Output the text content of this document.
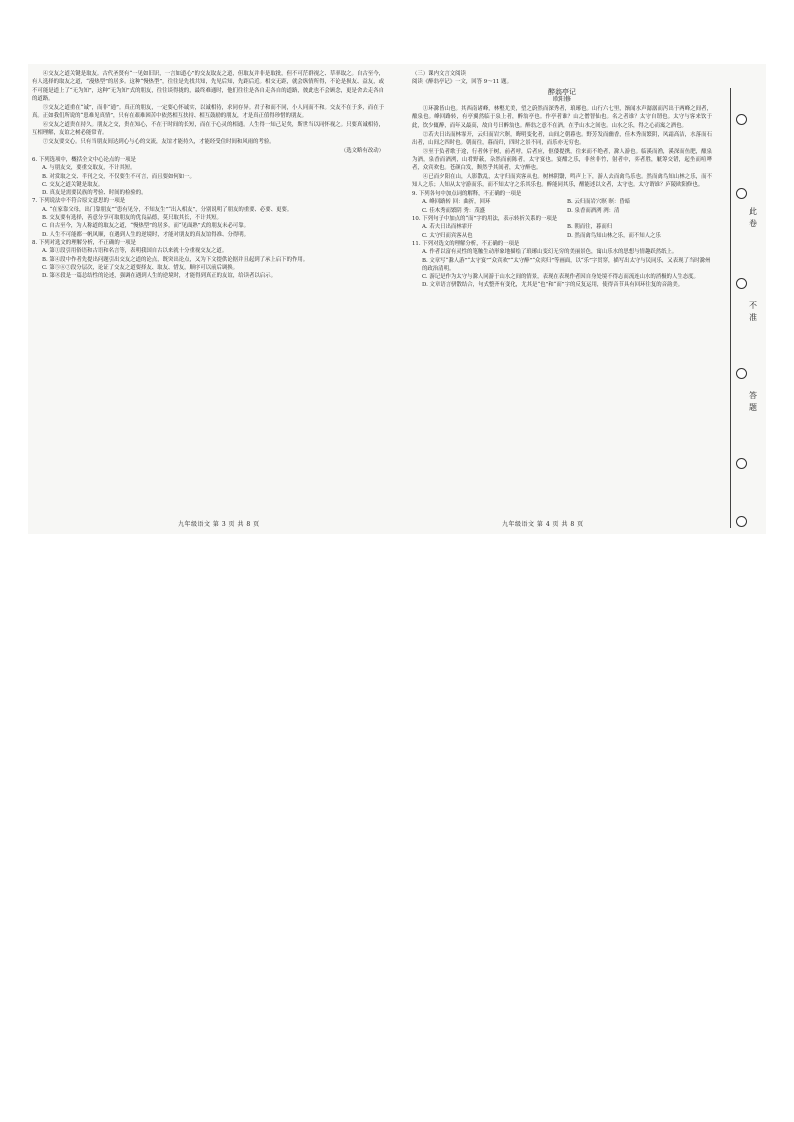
④交友之道关键是取友。古代圣贤有“一见如旧识，一言如道心”的交友取友之道，但取友并非是取批，但不可茫群视之、草率取之。自古至今，有人选择的取友之道，“漫热型”的居多。这种“慢热型”，往往是先找共知，先见后知，先距后近。相交无距，就会纵情所得，不论是损友、益友，或不可能是道上了“无为知”，这种“无为知”式的朋友，往往谈得拢的，最终难通时，他们往往是各自走各自的道路，彼此也不会顾念，更是舍去走各自的道路。

⑤交友之道重在“诚”，而非“通”。真正的朋友，一定要心怀诚实，以诚相待，求同存异。君子和而不同，小人同而不和。交友不在于多，而在于真。正如我们所说的“患难见真情”，只有在艰难困苦中依然相互扶持、相互鼓励的朋友，才是真正值得珍惜的朋友。

⑥交友之道贵在持久。朋友之交，贵在知心，不在于时间的长短，而在于心灵的相通。人生得一知己足矣，斯世当以同怀视之。只要真诚相待，互相理解，友谊之树必能常青。

⑦交友要交心。只有当朋友间达到心与心的交流，友谊才能持久，才能经受住时间和风雨的考验。

（选文略有改动）

6. 下列选项中，概括全文中心论点的一项是

A. 与朋友交，要重交取友，不计其短。

B. 对赏取之交、半刊之交，不仅要生不可言，而且要如何如一。

C. 交友之道关键是取友。

D. 真友是需要民族的考验、时间的检验的。

7. 下列说法中不符合原文意思的一项是

A. “在家靠父母，出门靠朋友”“患有见分，不知友生”“出入相友”，分别说明了朋友的重要、必要、更要。

B. 交友要有选择，善意分享可取朋友的优良品德，莫只取其长，不计其短。

C. 自古至今，为人称道的取友之道，“慢热型”的居多，而“见面熟”式的朋友未必可靠。

D. 人生不可能都一帆风顺，在遇到人生的逆境时，才能对朋友的真友谊得准、分得明。

8. 下列对选文的理解分析，不正确的一项是

A. 第①段引用俗语和古语和名言等，表明我国自古以来就十分重视交友之道。

B. 第④段中作者先提出问题引出交友之道的论点，既突出论点，又为下文提供论据并且起到了承上启下的作用。

C. 第⑤⑥⑦段分层次，论证了交友之道要择友、取友、惜友，顺序可以前后调换。

D. 第⑧段是一篇总结性的论述，强调在遇到人生的逆境时，才能得到真正的友谊，给读者以启示。

九年级语文 第 3 页 共 8 页

（三）课内文言文阅读

阅读《醉翁亭记》一文，回答 9～11 题。

醉翁亭记

欧阳修

①环滁皆山也。其西南诸峰，林壑尤美，望之蔚然而深秀者，琅琊也。山行六七里，渐闻水声潺潺而泻出于两峰之间者，酿泉也。峰回路转，有亭翼然临于泉上者，醉翁亭也。作亭者谁？山之僧智仙也。名之者谁？太守自谓也。太守与客来饮于此，饮少辄醉，而年又最高，故自号曰醉翁也。醉翁之意不在酒，在乎山水之间也。山水之乐，得之心而寓之酒也。

②若夫日出而林霏开，云归而岩穴暝，晦明变化者，山间之朝暮也。野芳发而幽香，佳木秀而繁阴，风霜高洁，水落而石出者，山间之四时也。朝而往，暮而归，四时之景不同，而乐亦无穷也。

③至于负者歌于途，行者休于树，前者呼，后者应，伛偻提携，往来而不绝者，滁人游也。临溪而渔，溪深而鱼肥，酿泉为酒，泉香而酒洌，山肴野蔌，杂然而前陈者，太守宴也。宴酣之乐，非丝非竹，射者中，弈者胜，觥筹交错，起坐而喧哗者，众宾欢也。苍颜白发，颓然乎其间者，太守醉也。

④已而夕阳在山，人影散乱，太守归而宾客从也。树林阴翳，鸣声上下，游人去而禽鸟乐也。然而禽鸟知山林之乐，而不知人之乐；人知从太守游而乐，而不知太守之乐其乐也。醉能同其乐，醒能述以文者，太守也。太守谓谁？庐陵欧阳修也。

9. 下列各句中加点词的解释，不正确的一项是

A. 峰回路转 回：曲折，回环	B. 云归而岩穴暝 暝：昏暗
C. 佳木秀而繁阴 秀：茂盛	D. 泉香而酒洌 洌：清

10. 下列句子中加点的“而”字的用法，表示转折关系的一项是

A. 若夫日出而林霏开	B. 朝而往，暮而归
C. 太守归而宾客从也	D. 然而禽鸟知山林之乐，而不知人之乐

11. 下列对选文的理解分析，不正确的一项是

A. 作者以富有灵性的笔触生动形象地描绘了琅琊山变幻无穷的美丽景色，寓山乐水的思想与情趣跃然纸上。

B. 文章写“滁人游”“太守宴”“众宾欢”“太守醉”“众宾归”等画面，以“乐”字贯穿，描写出太守与民同乐，又表现了当时滁州的政治清明。

C. 游记是作为太守与滁人同游于山水之间的情景，表现在表现作者因自身处境不得志而流连山水的消极的人生态度。

D. 文章语言骈散结合，句式整齐有变化，尤其是“也”和“而”字的反复运用，使得音节具有回环往复的音韵美。

九年级语文 第 4 页 共 8 页
此
卷
不
准
答
题
